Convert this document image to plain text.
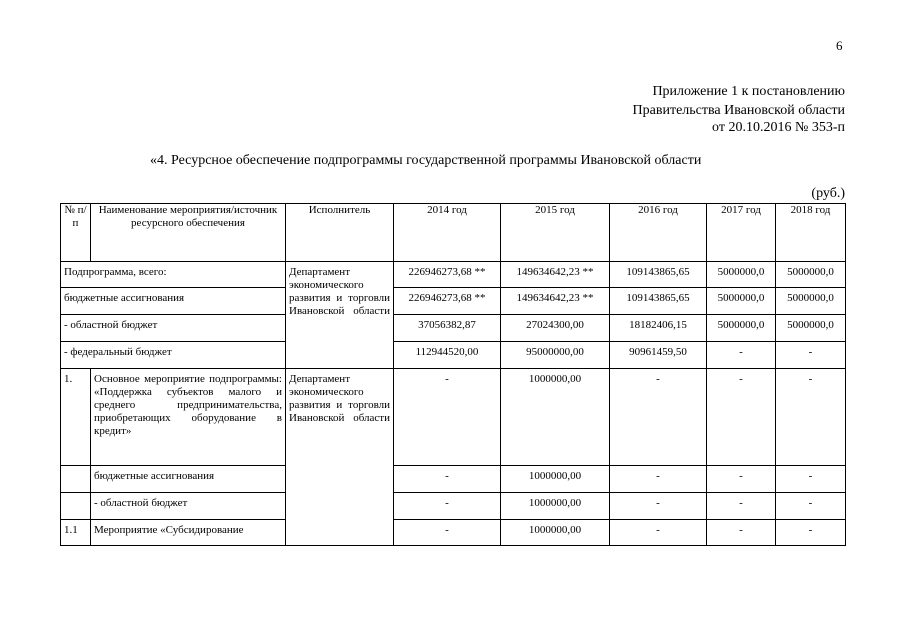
6
Приложение 1 к постановлению
Правительства Ивановской области
от 20.10.2016 № 353-п
«4. Ресурсное обеспечение подпрограммы государственной программы Ивановской области
(руб.)
№ п/п	Наименование мероприятия/источник ресурсного обеспечения	Исполнитель	2014 год	2015 год	2016 год	2017 год	2018 год
Подпрограмма, всего:		Департамент экономического развития и торговли Ивановской области	226946273,68 **	149634642,23 **	109143865,65	5000000,0	5000000,0
бюджетные ассигнования			226946273,68 **	149634642,23 **	109143865,65	5000000,0	5000000,0
- областной бюджет			37056382,87	27024300,00	18182406,15	5000000,0	5000000,0
- федеральный бюджет			112944520,00	95000000,00	90961459,50	-	-
1.	Основное мероприятие подпрограммы: «Поддержка субъектов малого и среднего предпринимательства, приобретающих оборудование в кредит»	Департамент экономического развития и торговли Ивановской области	-	1000000,00	-	-	-
	бюджетные ассигнования		-	1000000,00	-	-	-
	- областной бюджет		-	1000000,00	-	-	-
1.1	Мероприятие «Субсидирование		-	1000000,00	-	-	-
